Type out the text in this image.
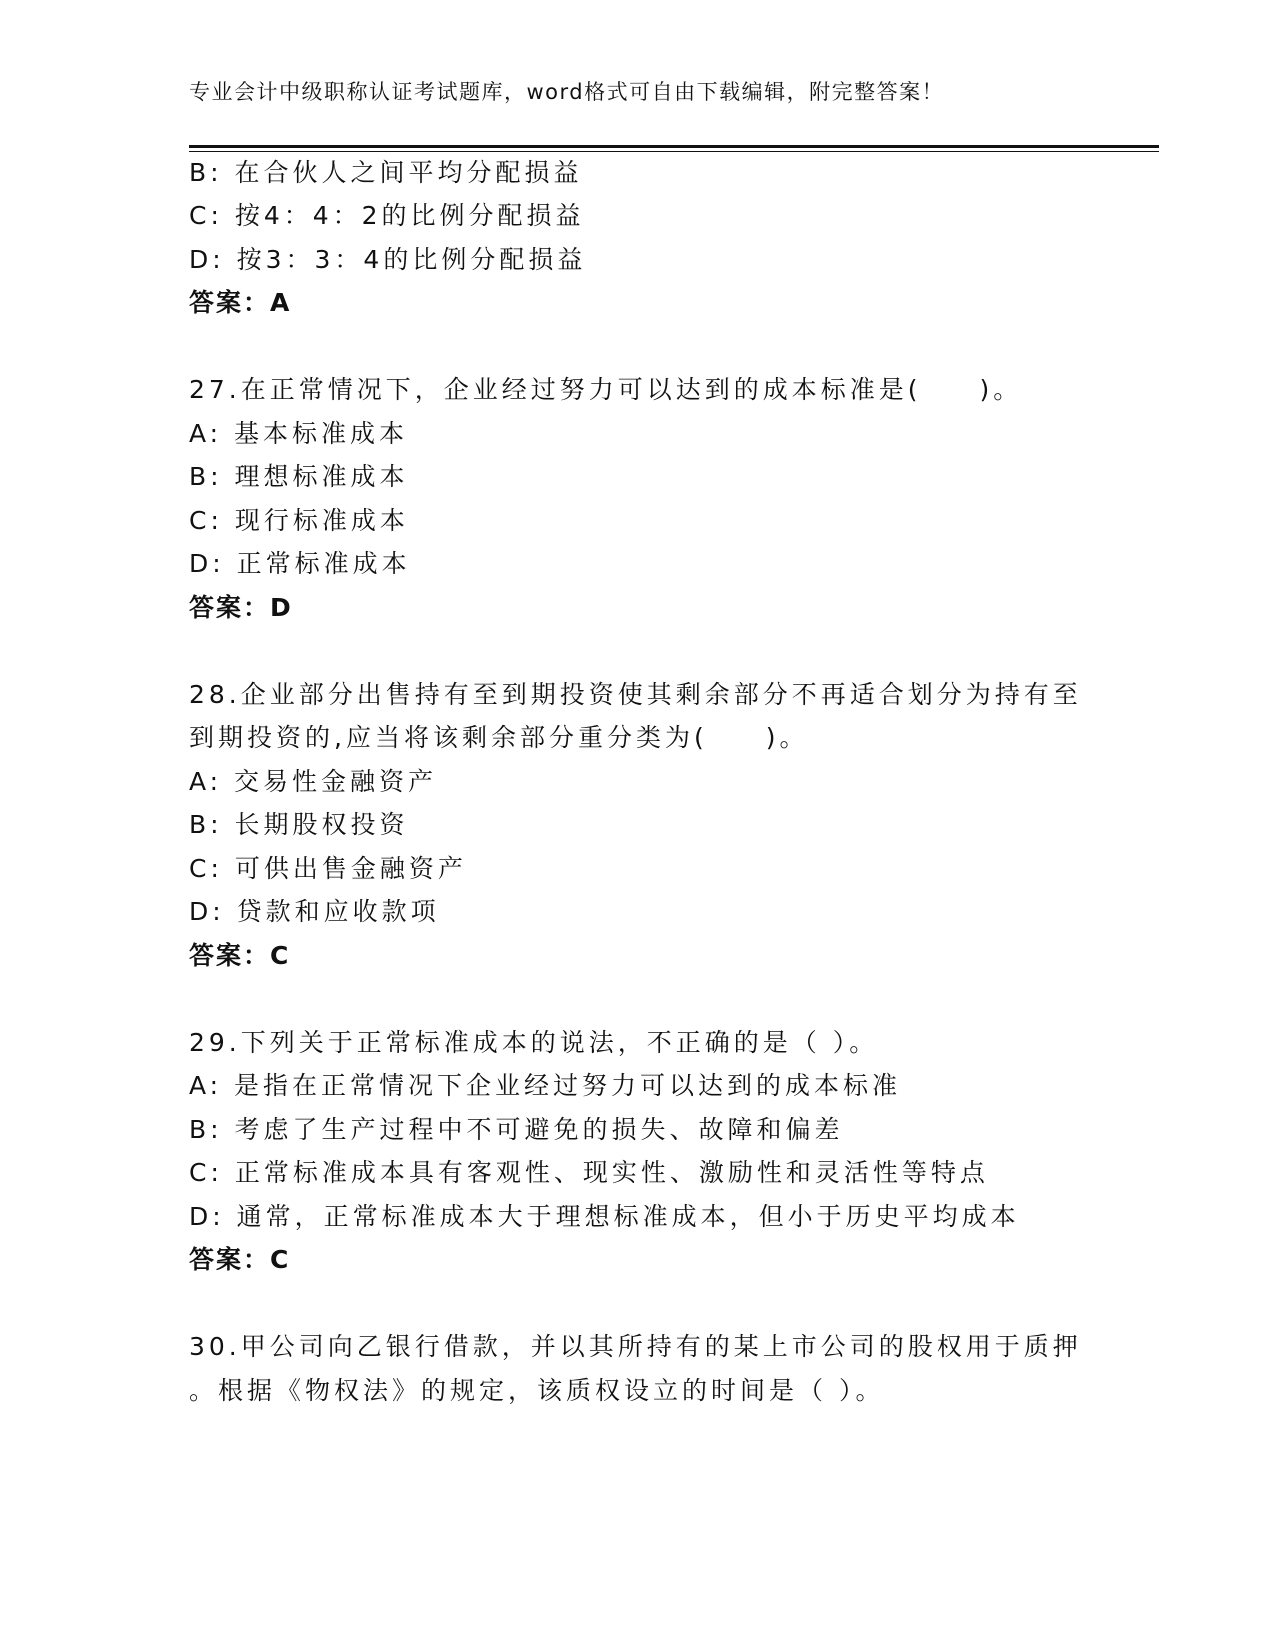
专业会计中级职称认证考试题库，word格式可自由下载编辑，附完整答案！
B: 在合伙人之间平均分配损益
C: 按4：4：2的比例分配损益
D: 按3：3：4的比例分配损益
答案：A
27.在正常情况下，企业经过努力可以达到的成本标准是(　　)。
A: 基本标准成本
B: 理想标准成本
C: 现行标准成本
D: 正常标准成本
答案：D
28.企业部分出售持有至到期投资使其剩余部分不再适合划分为持有至
到期投资的,应当将该剩余部分重分类为(　　)。
A: 交易性金融资产
B: 长期股权投资
C: 可供出售金融资产
D: 贷款和应收款项
答案：C
29.下列关于正常标准成本的说法，不正确的是（ ）。
A: 是指在正常情况下企业经过努力可以达到的成本标准
B: 考虑了生产过程中不可避免的损失、故障和偏差
C: 正常标准成本具有客观性、现实性、激励性和灵活性等特点
D: 通常，正常标准成本大于理想标准成本，但小于历史平均成本
答案：C
30.甲公司向乙银行借款，并以其所持有的某上市公司的股权用于质押
。根据《物权法》的规定，该质权设立的时间是（ ）。
